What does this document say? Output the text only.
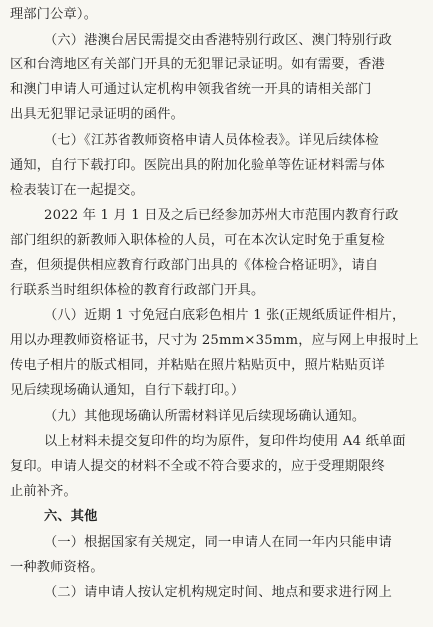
理部门公章）。
（六）港澳台居民需提交由香港特别行政区、澳门特别行政
区和台湾地区有关部门开具的无犯罪记录证明。如有需要，香港
和澳门申请人可通过认定机构申领我省统一开具的请相关部门
出具无犯罪记录证明的函件。
（七）《江苏省教师资格申请人员体检表》。详见后续体检
通知，自行下载打印。医院出具的附加化验单等佐证材料需与体
检表装订在一起提交。
2022 年 1 月 1 日及之后已经参加苏州大市范围内教育行政
部门组织的新教师入职体检的人员，可在本次认定时免于重复检
查，但须提供相应教育行政部门出具的《体检合格证明》，请自
行联系当时组织体检的教育行政部门开具。
（八）近期 1 寸免冠白底彩色相片 1 张(正规纸质证件相片，
用以办理教师资格证书，尺寸为 25mm×35mm，应与网上申报时上
传电子相片的版式相同，并粘贴在照片粘贴页中，照片粘贴页详
见后续现场确认通知，自行下载打印。）
（九）其他现场确认所需材料详见后续现场确认通知。
以上材料未提交复印件的均为原件，复印件均使用 A4 纸单面
复印。申请人提交的材料不全或不符合要求的，应于受理期限终
止前补齐。
六、其他
（一）根据国家有关规定，同一申请人在同一年内只能申请
一种教师资格。
（二）请申请人按认定机构规定时间、地点和要求进行网上
